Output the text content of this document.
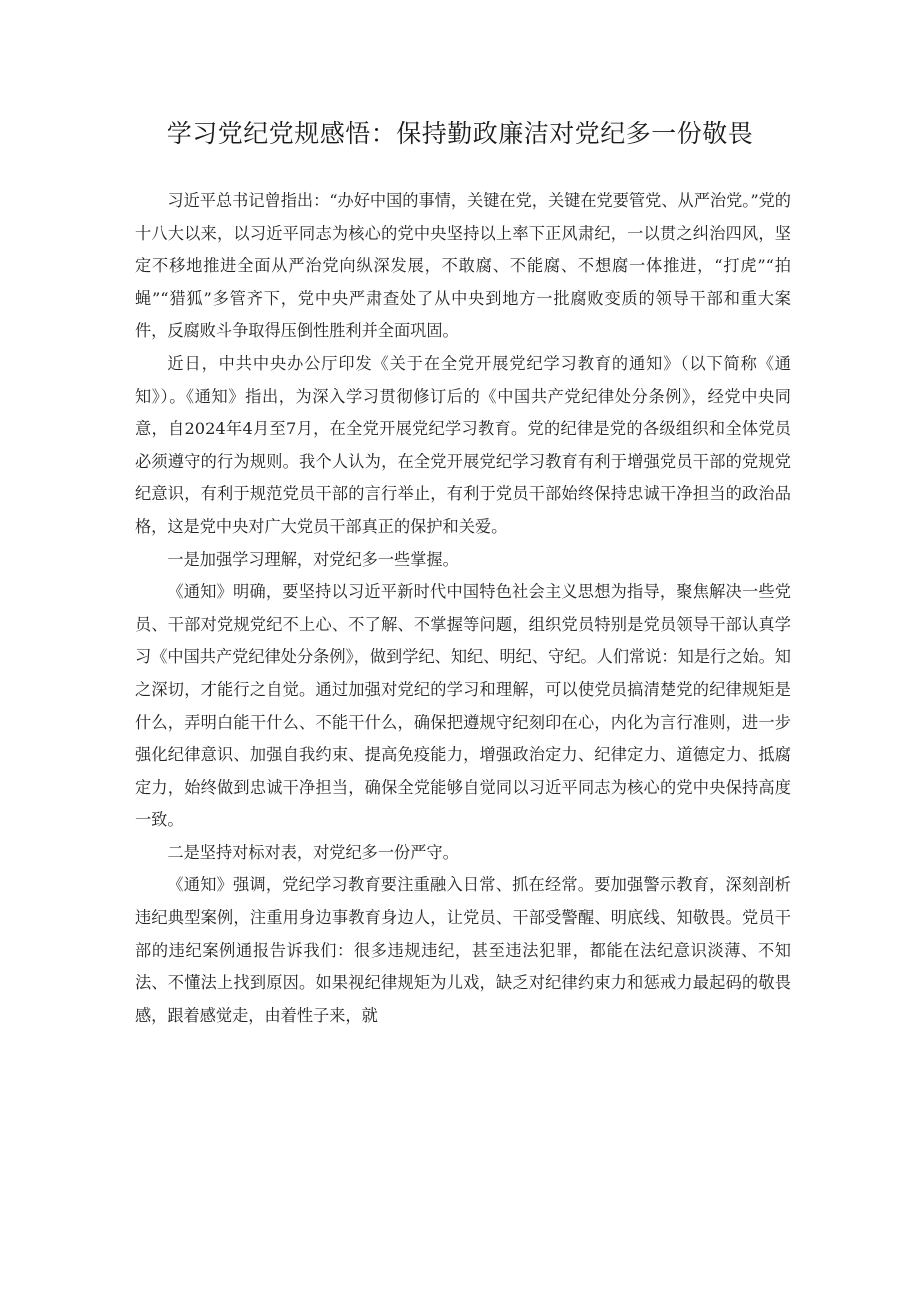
学习党纪党规感悟：保持勤政廉洁对党纪多一份敬畏

习近平总书记曾指出：“办好中国的事情，关键在党，关键在党要管党、从严治党。”党的十八大以来，以习近平同志为核心的党中央坚持以上率下正风肃纪，一以贯之纠治四风，坚定不移地推进全面从严治党向纵深发展，不敢腐、不能腐、不想腐一体推进，“打虎”“拍蝇”“猎狐”多管齐下，党中央严肃查处了从中央到地方一批腐败变质的领导干部和重大案件，反腐败斗争取得压倒性胜利并全面巩固。

近日，中共中央办公厅印发《关于在全党开展党纪学习教育的通知》（以下简称《通知》）。《通知》指出，为深入学习贯彻修订后的《中国共产党纪律处分条例》，经党中央同意，自2024年4月至7月，在全党开展党纪学习教育。党的纪律是党的各级组织和全体党员必须遵守的行为规则。我个人认为，在全党开展党纪学习教育有利于增强党员干部的党规党纪意识，有利于规范党员干部的言行举止，有利于党员干部始终保持忠诚干净担当的政治品格，这是党中央对广大党员干部真正的保护和关爱。

一是加强学习理解，对党纪多一些掌握。

《通知》明确，要坚持以习近平新时代中国特色社会主义思想为指导，聚焦解决一些党员、干部对党规党纪不上心、不了解、不掌握等问题，组织党员特别是党员领导干部认真学习《中国共产党纪律处分条例》，做到学纪、知纪、明纪、守纪。人们常说：知是行之始。知之深切，才能行之自觉。通过加强对党纪的学习和理解，可以使党员搞清楚党的纪律规矩是什么，弄明白能干什么、不能干什么，确保把遵规守纪刻印在心，内化为言行准则，进一步强化纪律意识、加强自我约束、提高免疫能力，增强政治定力、纪律定力、道德定力、抵腐定力，始终做到忠诚干净担当，确保全党能够自觉同以习近平同志为核心的党中央保持高度一致。

二是坚持对标对表，对党纪多一份严守。

《通知》强调，党纪学习教育要注重融入日常、抓在经常。要加强警示教育，深刻剖析违纪典型案例，注重用身边事教育身边人，让党员、干部受警醒、明底线、知敬畏。党员干部的违纪案例通报告诉我们：很多违规违纪，甚至违法犯罪，都能在法纪意识淡薄、不知法、不懂法上找到原因。如果视纪律规矩为儿戏，缺乏对纪律约束力和惩戒力最起码的敬畏感，跟着感觉走，由着性子来，就
